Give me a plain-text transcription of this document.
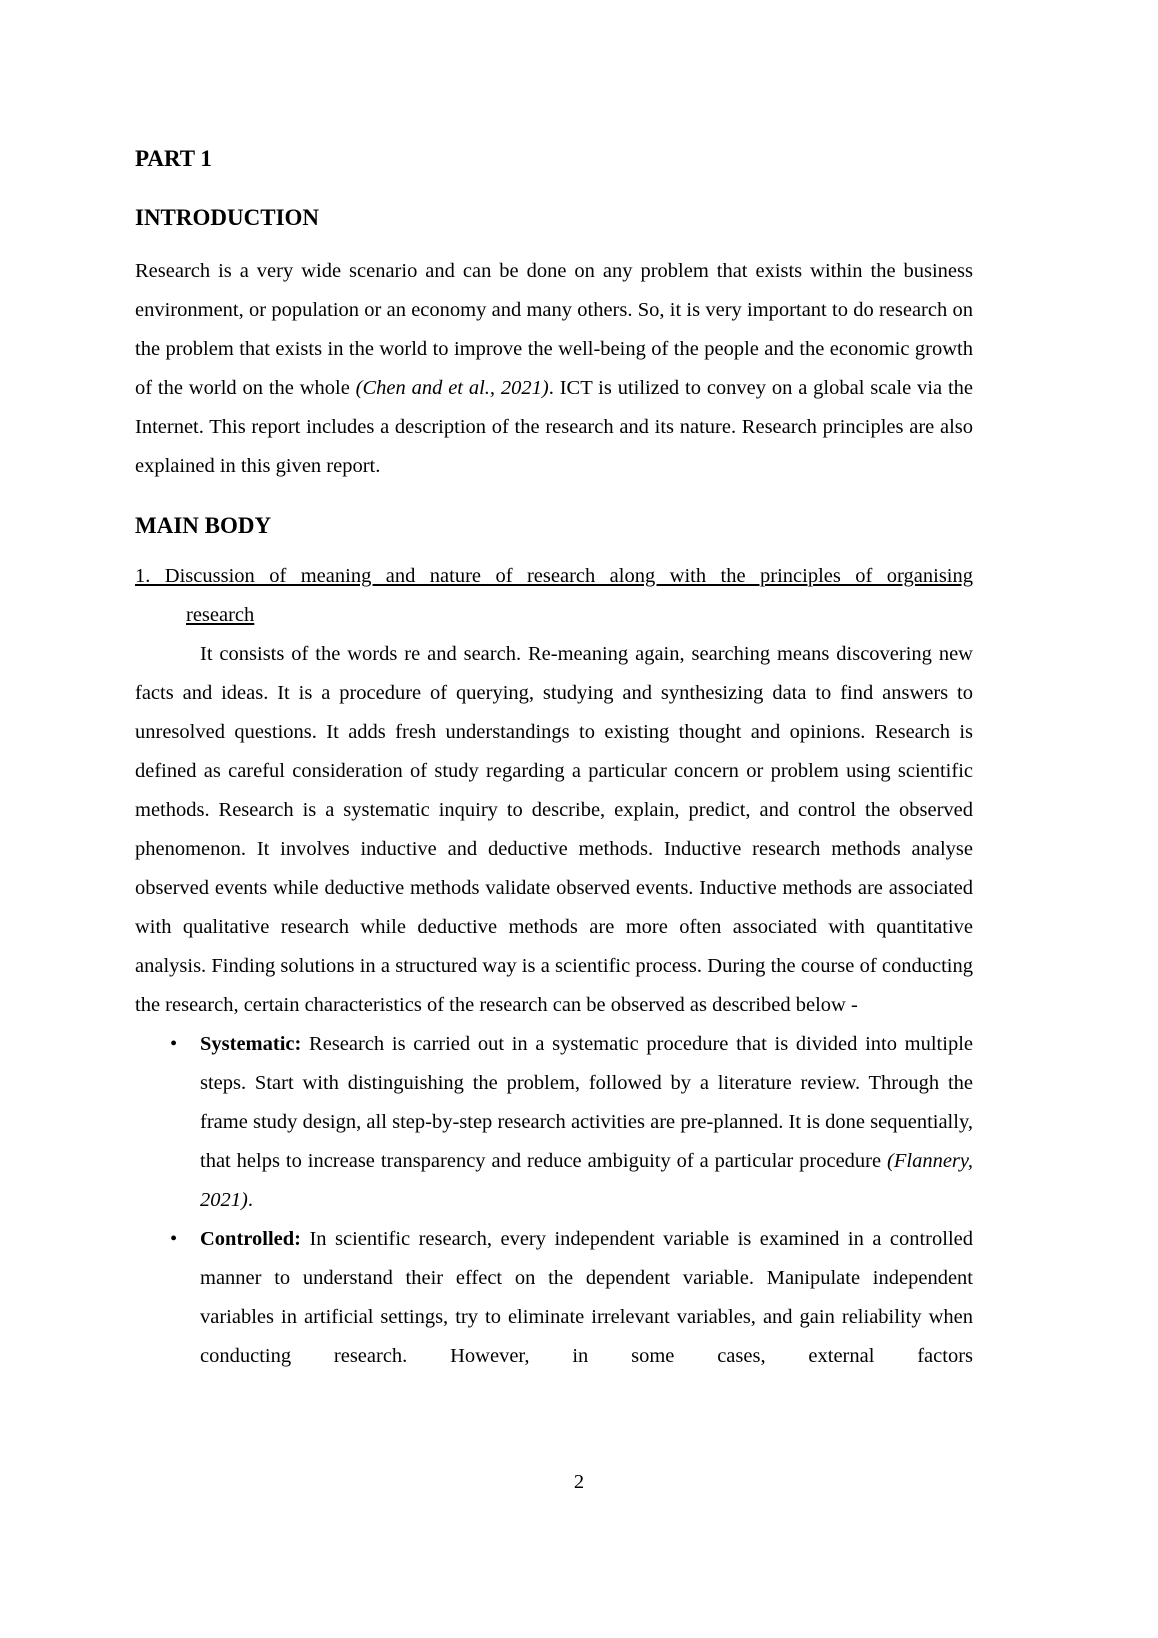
PART 1
INTRODUCTION

Research is a very wide scenario and can be done on any problem that exists within the business environment, or population or an economy and many others. So, it is very important to do research on the problem that exists in the world to improve the well-being of the people and the economic growth of the world on the whole (Chen and et al., 2021). ICT is utilized to convey on a global scale via the Internet. This report includes a description of the research and its nature. Research principles are also explained in this given report.

MAIN BODY
1. Discussion of meaning and nature of research along with the principles of organising
research

It consists of the words re and search. Re-meaning again, searching means discovering new facts and ideas. It is a procedure of querying, studying and synthesizing data to find answers to unresolved questions. It adds fresh understandings to existing thought and opinions. Research is defined as careful consideration of study regarding a particular concern or problem using scientific methods. Research is a systematic inquiry to describe, explain, predict, and control the observed phenomenon. It involves inductive and deductive methods. Inductive research methods analyse observed events while deductive methods validate observed events. Inductive methods are associated with qualitative research while deductive methods are more often associated with quantitative analysis. Finding solutions in a structured way is a scientific process. During the course of conducting the research, certain characteristics of the research can be observed as described below -

• Systematic: Research is carried out in a systematic procedure that is divided into multiple steps. Start with distinguishing the problem, followed by a literature review. Through the frame study design, all step-by-step research activities are pre-planned. It is done sequentially, that helps to increase transparency and reduce ambiguity of a particular procedure (Flannery, 2021).
• Controlled: In scientific research, every independent variable is examined in a controlled manner to understand their effect on the dependent variable. Manipulate independent variables in artificial settings, try to eliminate irrelevant variables, and gain reliability when conducting research. However, in some cases, external factors
2
